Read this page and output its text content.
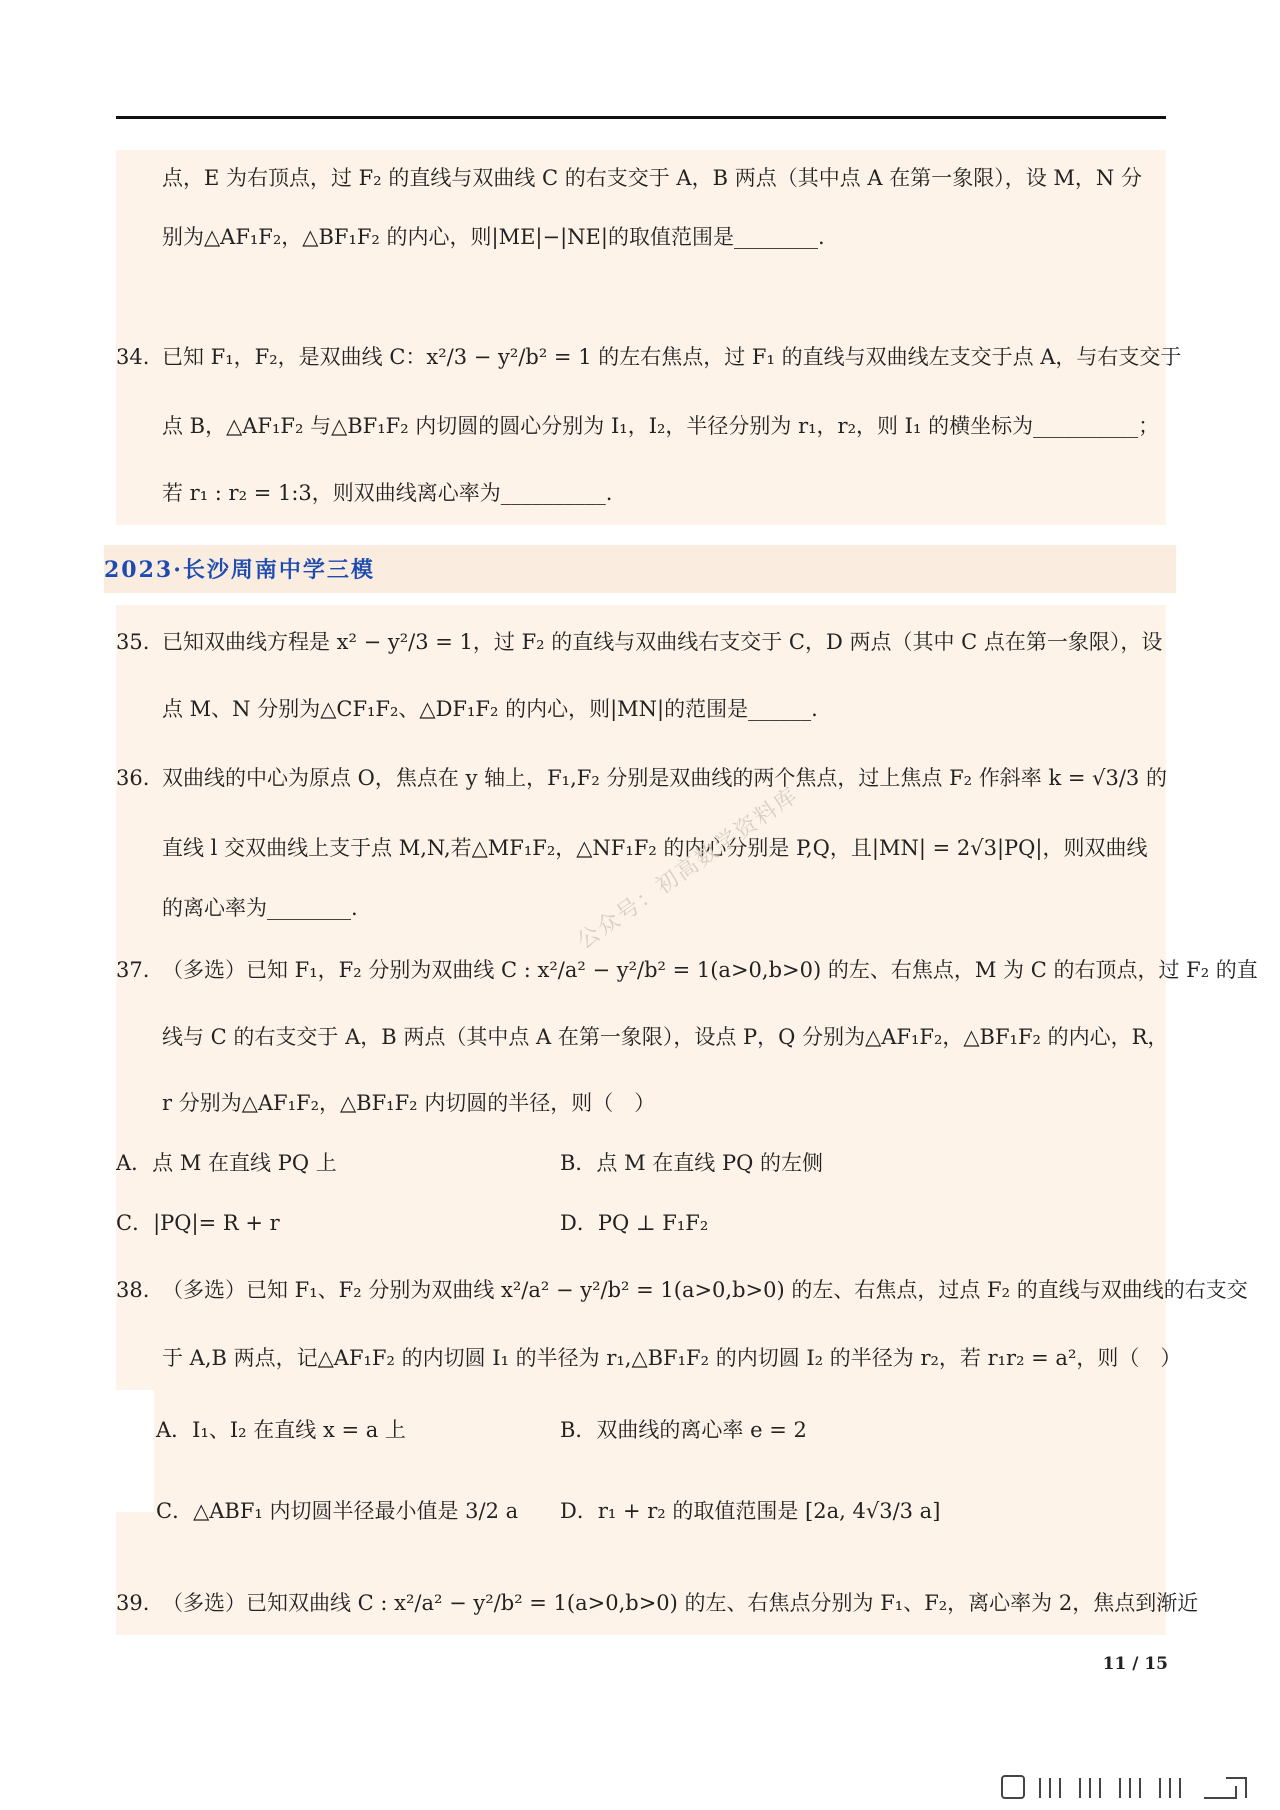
点，E 为右顶点，过 F₂ 的直线与双曲线 C 的右支交于 A，B 两点（其中点 A 在第一象限），设 M，N 分
别为△AF₁F₂，△BF₁F₂ 的内心，则|ME|−|NE|的取值范围是________.
34. 已知 F₁，F₂，是双曲线 C：x²/3 − y²/b² = 1 的左右焦点，过 F₁ 的直线与双曲线左支交于点 A，与右支交于
点 B，△AF₁F₂ 与△BF₁F₂ 内切圆的圆心分别为 I₁，I₂，半径分别为 r₁，r₂，则 I₁ 的横坐标为__________；
若 r₁ : r₂ = 1:3，则双曲线离心率为__________.
2023·长沙周南中学三模
35. 已知双曲线方程是 x² − y²/3 = 1，过 F₂ 的直线与双曲线右支交于 C，D 两点（其中 C 点在第一象限），设
点 M、N 分别为△CF₁F₂、△DF₁F₂ 的内心，则|MN|的范围是______.
36. 双曲线的中心为原点 O，焦点在 y 轴上，F₁,F₂ 分别是双曲线的两个焦点，过上焦点 F₂ 作斜率 k = √3/3 的
直线 l 交双曲线上支于点 M,N,若△MF₁F₂，△NF₁F₂ 的内心分别是 P,Q，且|MN| = 2√3|PQ|，则双曲线
的离心率为________.
37. （多选）已知 F₁，F₂ 分别为双曲线 C : x²/a² − y²/b² = 1(a>0,b>0) 的左、右焦点，M 为 C 的右顶点，过 F₂ 的直
线与 C 的右支交于 A，B 两点（其中点 A 在第一象限），设点 P，Q 分别为△AF₁F₂，△BF₁F₂ 的内心，R，
r 分别为△AF₁F₂，△BF₁F₂ 内切圆的半径，则（　）
A．点 M 在直线 PQ 上	B．点 M 在直线 PQ 的左侧
C．|PQ|= R + r	D．PQ ⊥ F₁F₂
38. （多选）已知 F₁、F₂ 分别为双曲线 x²/a² − y²/b² = 1(a>0,b>0) 的左、右焦点，过点 F₂ 的直线与双曲线的右支交
于 A,B 两点，记△AF₁F₂ 的内切圆 I₁ 的半径为 r₁,△BF₁F₂ 的内切圆 I₂ 的半径为 r₂，若 r₁r₂ = a²，则（　）
A．I₁、I₂ 在直线 x = a 上	B．双曲线的离心率 e = 2
C．△ABF₁ 内切圆半径最小值是 3/2 a D．r₁ + r₂ 的取值范围是 [2a, 4√3/3 a]
39. （多选）已知双曲线 C : x²/a² − y²/b² = 1(a>0,b>0) 的左、右焦点分别为 F₁、F₂，离心率为 2，焦点到渐近
公众号：初高数学资料库
11 / 15
